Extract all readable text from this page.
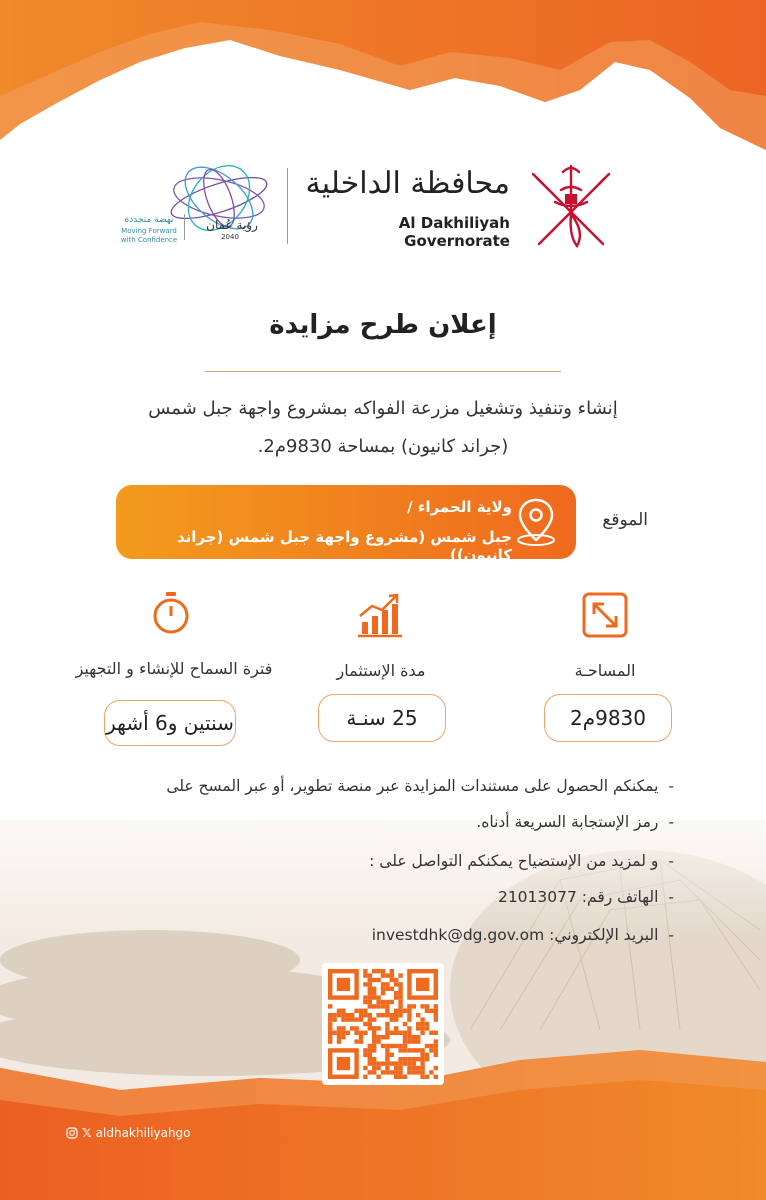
محافظة الداخلية
Al Dakhiliyah Governorate
رؤية عُمان
2040
نهضة متجددة
Moving Forward
with Confidence
إعلان طرح مزايدة
إنشاء وتنفيذ وتشغيل مزرعة الفواكه بمشروع واجهة جبل شمس
(جراند كانيون) بمساحة 9830م2.
الموقع
ولاية الحمراء /
جبل شمس (مشروع واجهة جبل شمس (جراند كانيون))
المساحـة
9830م2
مدة الإستثمار
25 سنـة
فترة السماح للإنشاء و التجهيز
سنتين و6 أشهر
-يمكنكم الحصول على مستندات المزايدة عبر منصة تطوير، أو عبر المسح على
-رمز الإستجابة السريعة أدناه.
-و لمزيد من الإستضياح يمكنكم التواصل على :
-الهاتف رقم: 21013077
-البريد الإلكتروني: investdhk@dg.gov.om
𝕏 aldhakhiliyahgo
